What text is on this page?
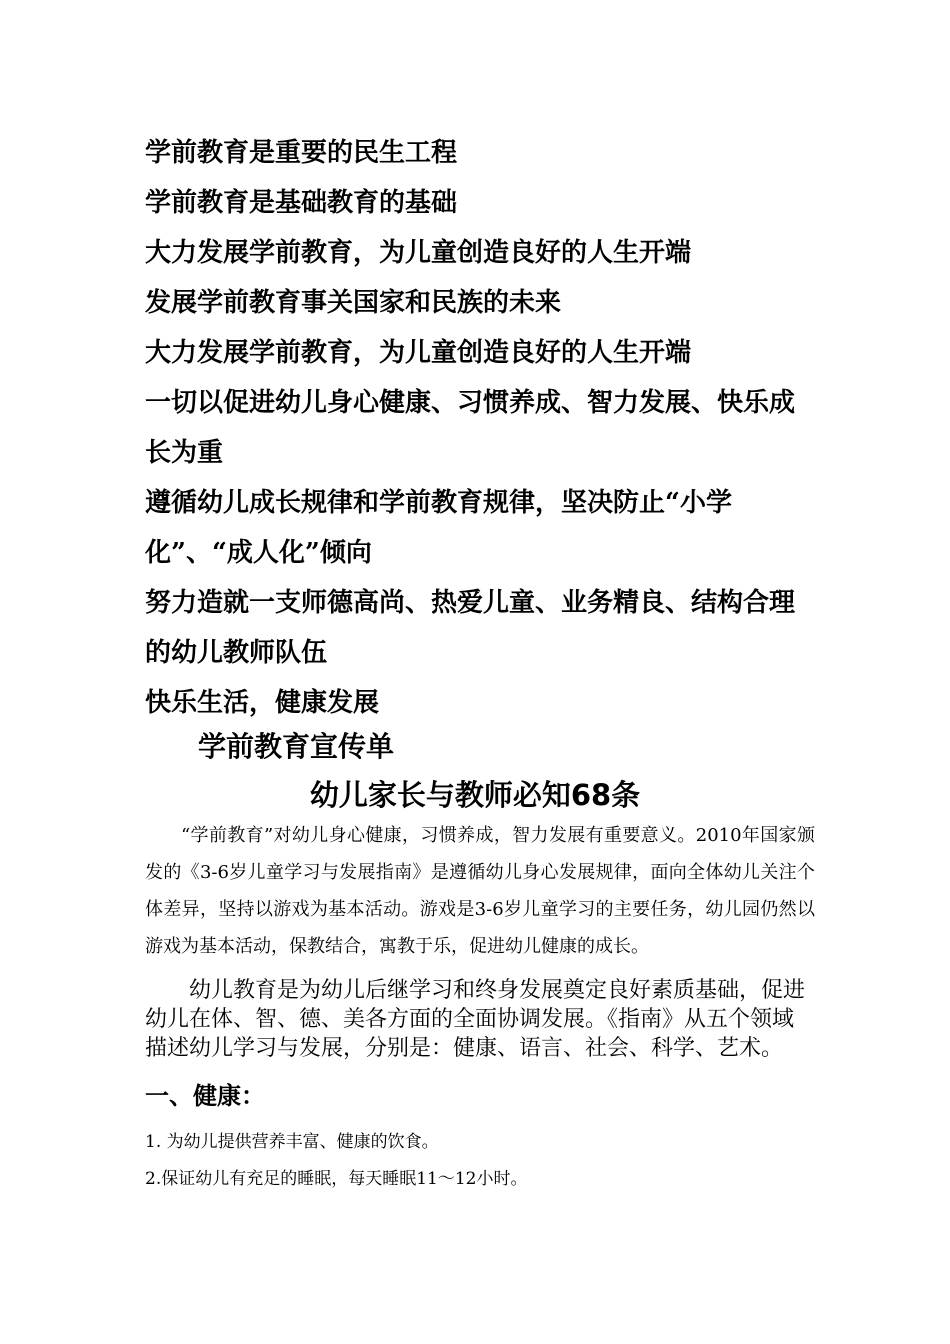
学前教育是重要的民生工程

学前教育是基础教育的基础

大力发展学前教育，为儿童创造良好的人生开端

发展学前教育事关国家和民族的未来

大力发展学前教育，为儿童创造良好的人生开端

一切以促进幼儿身心健康、习惯养成、智力发展、快乐成长为重

遵循幼儿成长规律和学前教育规律，坚决防止“小学化”、“成人化”倾向

努力造就一支师德高尚、热爱儿童、业务精良、结构合理的幼儿教师队伍

快乐生活，健康发展

学前教育宣传单
幼儿家长与教师必知68条

“学前教育”对幼儿身心健康，习惯养成，智力发展有重要意义。2010年国家颁发的《3-6岁儿童学习与发展指南》是遵循幼儿身心发展规律，面向全体幼儿关注个体差异，坚持以游戏为基本活动。游戏是3-6岁儿童学习的主要任务，幼儿园仍然以游戏为基本活动，保教结合，寓教于乐，促进幼儿健康的成长。

幼儿教育是为幼儿后继学习和终身发展奠定良好素质基础，促进幼儿在体、智、德、美各方面的全面协调发展。《指南》从五个领域描述幼儿学习与发展，分别是：健康、语言、社会、科学、艺术。

一、健康：

1. 为幼儿提供营养丰富、健康的饮食。

2.保证幼儿有充足的睡眠，每天睡眠11～12小时。
